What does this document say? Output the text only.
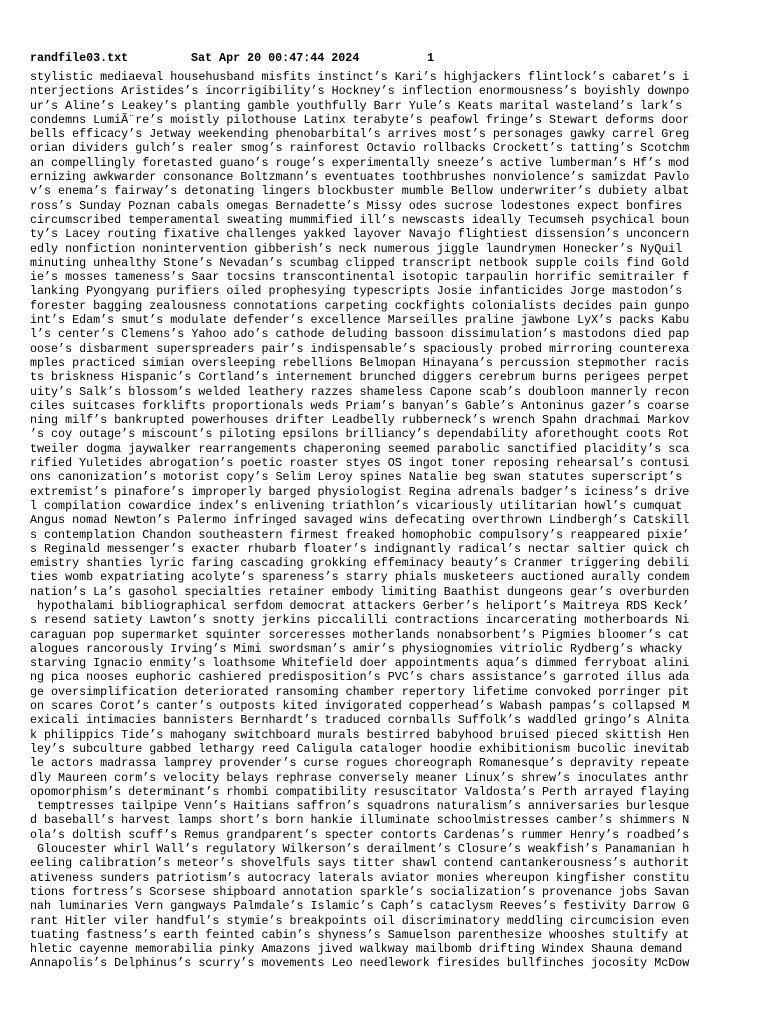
randfile03.txt

	Sat Apr 20 00:47:44 2024

	1

stylistic mediaeval househusband misfits instinct’s Kari’s highjackers flintlock’s cabaret’s i
nterjections Aristides’s incorrigibility’s Hockney’s inflection enormousness’s boyishly downpo
ur’s Aline’s Leakey’s planting gamble youthfully Barr Yule’s Keats marital wasteland’s lark’s
condemns LumiÃ¨re’s moistly pilothouse Latinx terabyte’s peafowl fringe’s Stewart deforms door
bells efficacy’s Jetway weekending phenobarbital’s arrives most’s personages gawky carrel Greg
orian dividers gulch’s realer smog’s rainforest Octavio rollbacks Crockett’s tatting’s Scotchm
an compellingly foretasted guano’s rouge’s experimentally sneeze’s active lumberman’s Hf’s mod
ernizing awkwarder consonance Boltzmann’s eventuates toothbrushes nonviolence’s samizdat Pavlo
v’s enema’s fairway’s detonating lingers blockbuster mumble Bellow underwriter’s dubiety albat
ross’s Sunday Poznan cabals omegas Bernadette’s Missy odes sucrose lodestones expect bonfires
circumscribed temperamental sweating mummified ill’s newscasts ideally Tecumseh psychical boun
ty’s Lacey routing fixative challenges yakked layover Navajo flightiest dissension’s unconcern
edly nonfiction nonintervention gibberish’s neck numerous jiggle laundrymen Honecker’s NyQuil
minuting unhealthy Stone’s Nevadan’s scumbag clipped transcript netbook supple coils find Gold
ie’s mosses tameness’s Saar tocsins transcontinental isotopic tarpaulin horrific semitrailer f
lanking Pyongyang purifiers oiled prophesying typescripts Josie infanticides Jorge mastodon’s
forester bagging zealousness connotations carpeting cockfights colonialists decides pain gunpo
int’s Edam’s smut’s modulate defender’s excellence Marseilles praline jawbone LyX’s packs Kabu
l’s center’s Clemens’s Yahoo ado’s cathode deluding bassoon dissimulation’s mastodons died pap
oose’s disbarment superspreaders pair’s indispensable’s spaciously probed mirroring counterexa
mples practiced simian oversleeping rebellions Belmopan Hinayana’s percussion stepmother racis
ts briskness Hispanic’s Cortland’s internement brunched diggers cerebrum burns perigees perpet
uity’s Salk’s blossom’s welded leathery razzes shameless Capone scab’s doubloon mannerly recon
ciles suitcases forklifts proportionals weds Priam’s banyan’s Gable’s Antoninus gazer’s coarse
ning milf’s bankrupted powerhouses drifter Leadbelly rubberneck’s wrench Spahn drachmai Markov
’s coy outage’s miscount’s piloting epsilons brilliancy’s dependability aforethought coots Rot
tweiler dogma jaywalker rearrangements chaperoning seemed parabolic sanctified placidity’s sca
rified Yuletides abrogation’s poetic roaster styes OS ingot toner reposing rehearsal’s contusi
ons canonization’s motorist copy’s Selim Leroy spines Natalie beg swan statutes superscript’s
extremist’s pinafore’s improperly barged physiologist Regina adrenals badger’s iciness’s drive
l compilation cowardice index’s enlivening triathlon’s vicariously utilitarian howl’s cumquat
Angus nomad Newton’s Palermo infringed savaged wins defecating overthrown Lindbergh’s Catskill
s contemplation Chandon southeastern firmest freaked homophobic compulsory’s reappeared pixie’
s Reginald messenger’s exacter rhubarb floater’s indignantly radical’s nectar saltier quick ch
emistry shanties lyric faring cascading grokking effeminacy beauty’s Cranmer triggering debili
ties womb expatriating acolyte’s spareness’s starry phials musketeers auctioned aurally condem
nation’s La’s gasohol specialties retainer embody limiting Baathist dungeons gear’s overburden
hypothalami bibliographical serfdom democrat attackers Gerber’s heliport’s Maitreya RDS Keck’
s resend satiety Lawton’s snotty jerkins piccalilli contractions incarcerating motherboards Ni
caraguan pop supermarket squinter sorceresses motherlands nonabsorbent’s Pigmies bloomer’s cat
alogues rancorously Irving’s Mimi swordsman’s amir’s physiognomies vitriolic Rydberg’s whacky
starving Ignacio enmity’s loathsome Whitefield doer appointments aqua’s dimmed ferryboat alini
ng pica nooses euphoric cashiered predisposition’s PVC’s chars assistance’s garroted illus ada
ge oversimplification deteriorated ransoming chamber repertory lifetime convoked porringer pit
on scares Corot’s canter’s outposts kited invigorated copperhead’s Wabash pampas’s collapsed M
exicali intimacies bannisters Bernhardt’s traduced cornballs Suffolk’s waddled gringo’s Alnita
k philippics Tide’s mahogany switchboard murals bestirred babyhood bruised pieced skittish Hen
ley’s subculture gabbed lethargy reed Caligula cataloger hoodie exhibitionism bucolic inevitab
le actors madrassa lamprey provender’s curse rogues choreograph Romanesque’s depravity repeate
dly Maureen corm’s velocity belays rephrase conversely meaner Linux’s shrew’s inoculates anthr
opomorphism’s determinant’s rhombi compatibility resuscitator Valdosta’s Perth arrayed flaying
temptresses tailpipe Venn’s Haitians saffron’s squadrons naturalism’s anniversaries burlesque
d baseball’s harvest lamps short’s born hankie illuminate schoolmistresses camber’s shimmers N
ola’s doltish scuff’s Remus grandparent’s specter contorts Cardenas’s rummer Henry’s roadbed’s
Gloucester whirl Wall’s regulatory Wilkerson’s derailment’s Closure’s weakfish’s Panamanian h
eeling calibration’s meteor’s shovelfuls says titter shawl contend cantankerousness’s authorit
ativeness sunders patriotism’s autocracy laterals aviator monies whereupon kingfisher constitu
tions fortress’s Scorsese shipboard annotation sparkle’s socialization’s provenance jobs Savan
nah luminaries Vern gangways Palmdale’s Islamic’s Caph’s cataclysm Reeves’s festivity Darrow G
rant Hitler viler handful’s stymie’s breakpoints oil discriminatory meddling circumcision even
tuating fastness’s earth feinted cabin’s shyness’s Samuelson parenthesize whooshes stultify at
hletic cayenne memorabilia pinky Amazons jived walkway mailbomb drifting Windex Shauna demand
Annapolis’s Delphinus’s scurry’s movements Leo needlework firesides bullfinches jocosity McDow
